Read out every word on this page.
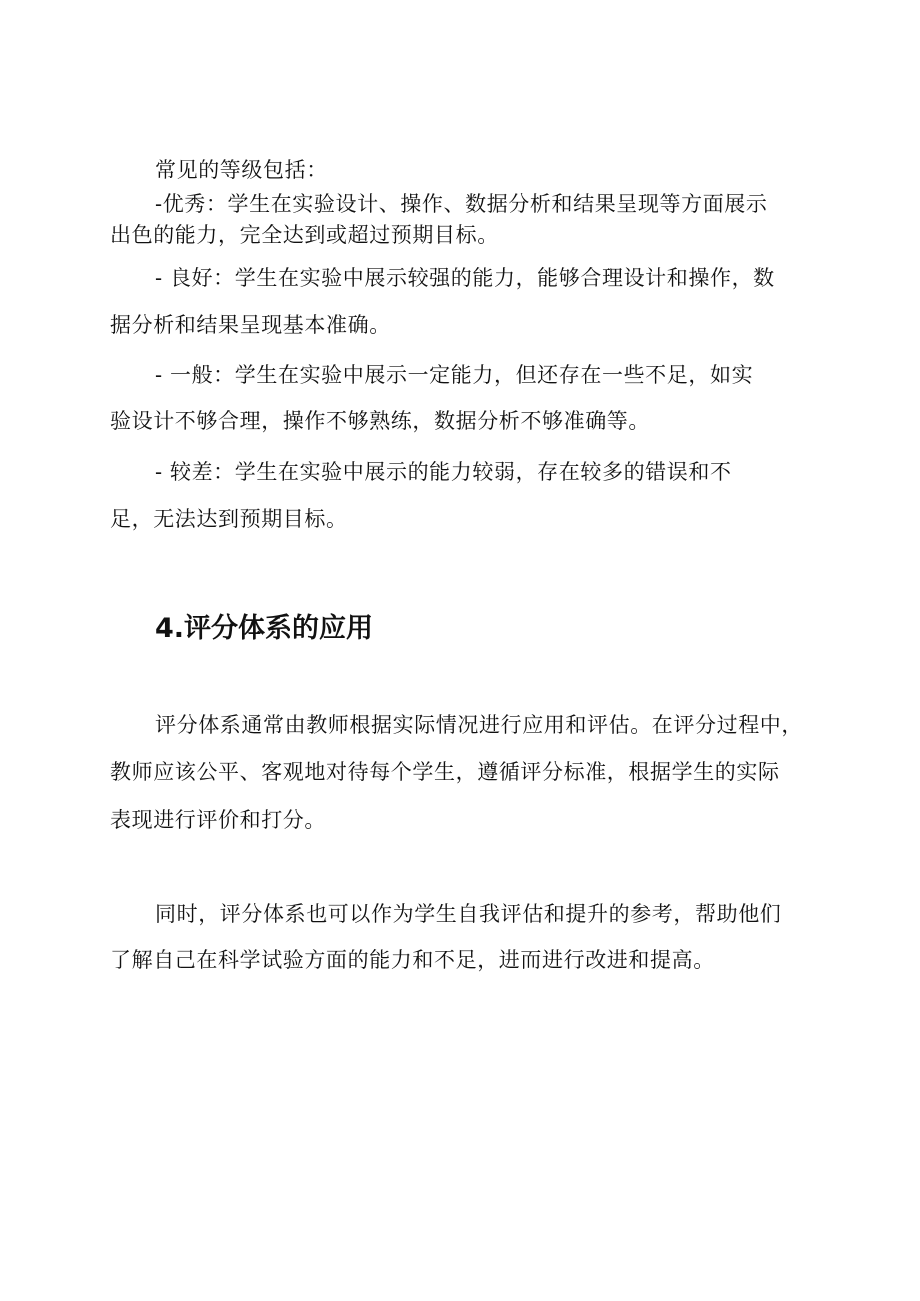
常见的等级包括：
-优秀：学生在实验设计、操作、数据分析和结果呈现等方面展示
出色的能力，完全达到或超过预期目标。
- 良好：学生在实验中展示较强的能力，能够合理设计和操作，数
据分析和结果呈现基本准确。
- 一般：学生在实验中展示一定能力，但还存在一些不足，如实
验设计不够合理，操作不够熟练，数据分析不够准确等。
- 较差：学生在实验中展示的能力较弱，存在较多的错误和不
足，无法达到预期目标。
4.评分体系的应用
评分体系通常由教师根据实际情况进行应用和评估。在评分过程中，
教师应该公平、客观地对待每个学生，遵循评分标准，根据学生的实际
表现进行评价和打分。
同时，评分体系也可以作为学生自我评估和提升的参考，帮助他们
了解自己在科学试验方面的能力和不足，进而进行改进和提高。
